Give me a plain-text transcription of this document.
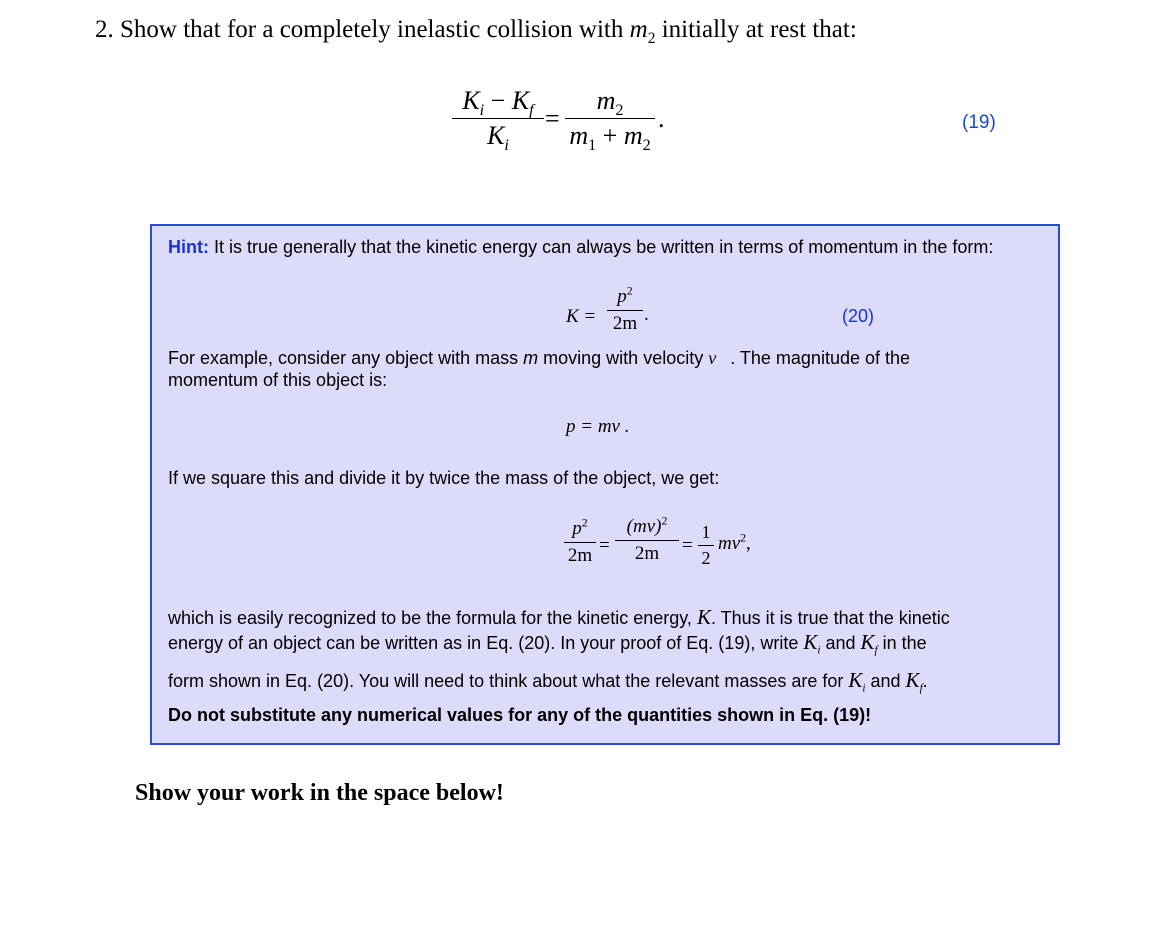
2. Show that for a completely inelastic collision with $m_2$ initially at rest that:
$K_i - K_f$
$K_i$
=
$m_2$
$m_1 + m_2$
.	(19)
Hint: It is true generally that the kinetic energy can always be written in terms of momentum in the form:
K =
$p^2$
2m .	(20)
For example, consider any object with mass m moving with velocity v⃗. The magnitude of the momentum of this object is:
p = mv .
If we square this and divide it by twice the mass of the object, we get:
$p^2$
2m =
(mv)$^2$
2m	=
1
2
$mv^2$,
which is easily recognized to be the formula for the kinetic energy, K. Thus it is true that the kinetic
energy of an object can be written as in Eq. (20). In your proof of Eq. (19), write $K_i$ and $K_f$ in the
form shown in Eq. (20). You will need to think about what the relevant masses are for $K_i$ and $K_f$.
Do not substitute any numerical values for any of the quantities shown in Eq. (19)!
Show your work in the space below!
